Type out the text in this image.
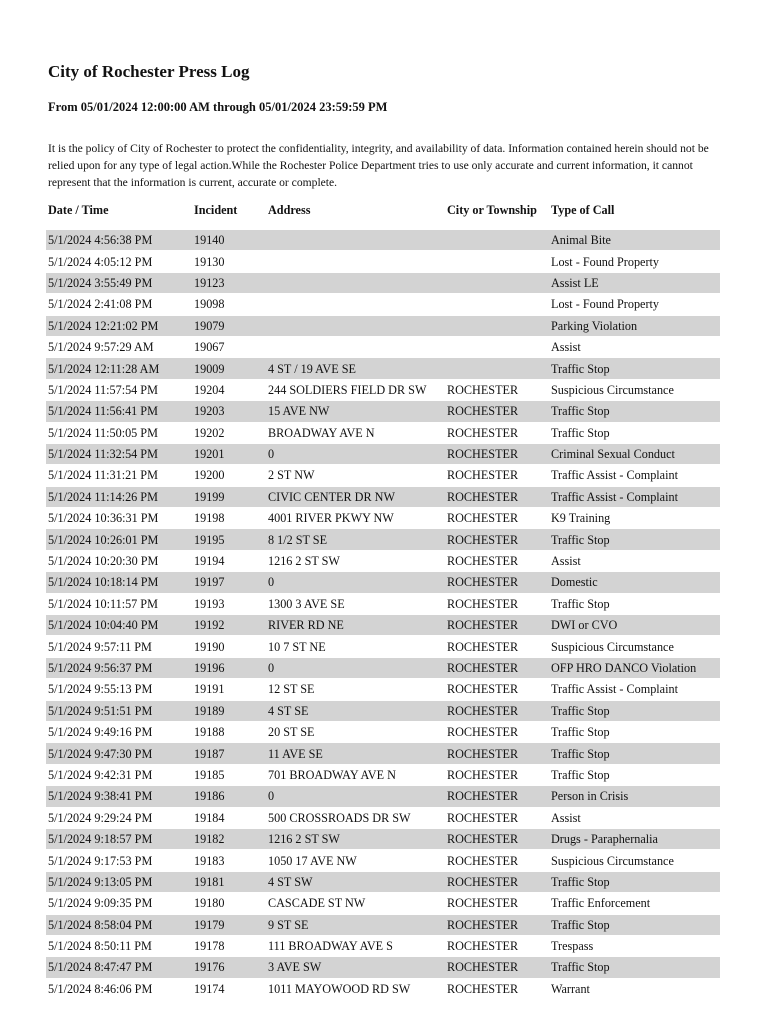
City of Rochester Press Log
From 05/01/2024 12:00:00 AM through 05/01/2024 23:59:59 PM

It is the policy of City of Rochester to protect the confidentiality, integrity, and availability of data. Information contained herein should not be relied upon for any type of legal action.While the Rochester Police Department tries to use only accurate and current information, it cannot represent that the information is current, accurate or complete.

Date / Time	Incident	Address	City or Township	Type of Call
5/1/2024 4:56:38 PM	19140			Animal Bite
5/1/2024 4:05:12 PM	19130			Lost - Found Property
5/1/2024 3:55:49 PM	19123			Assist LE
5/1/2024 2:41:08 PM	19098			Lost - Found Property
5/1/2024 12:21:02 PM	19079			Parking Violation
5/1/2024 9:57:29 AM	19067			Assist
5/1/2024 12:11:28 AM	19009	4 ST / 19 AVE SE		Traffic Stop
5/1/2024 11:57:54 PM	19204	244 SOLDIERS FIELD DR SW	ROCHESTER	Suspicious Circumstance
5/1/2024 11:56:41 PM	19203	15 AVE NW	ROCHESTER	Traffic Stop
5/1/2024 11:50:05 PM	19202	BROADWAY AVE N	ROCHESTER	Traffic Stop
5/1/2024 11:32:54 PM	19201	0	ROCHESTER	Criminal Sexual Conduct
5/1/2024 11:31:21 PM	19200	2 ST NW	ROCHESTER	Traffic Assist - Complaint
5/1/2024 11:14:26 PM	19199	CIVIC CENTER DR NW	ROCHESTER	Traffic Assist - Complaint
5/1/2024 10:36:31 PM	19198	4001 RIVER PKWY NW	ROCHESTER	K9 Training
5/1/2024 10:26:01 PM	19195	8 1/2 ST SE	ROCHESTER	Traffic Stop
5/1/2024 10:20:30 PM	19194	1216 2 ST SW	ROCHESTER	Assist
5/1/2024 10:18:14 PM	19197	0	ROCHESTER	Domestic
5/1/2024 10:11:57 PM	19193	1300 3 AVE SE	ROCHESTER	Traffic Stop
5/1/2024 10:04:40 PM	19192	RIVER RD NE	ROCHESTER	DWI or CVO
5/1/2024 9:57:11 PM	19190	10 7 ST NE	ROCHESTER	Suspicious Circumstance
5/1/2024 9:56:37 PM	19196	0	ROCHESTER	OFP HRO DANCO Violation
5/1/2024 9:55:13 PM	19191	12 ST SE	ROCHESTER	Traffic Assist - Complaint
5/1/2024 9:51:51 PM	19189	4 ST SE	ROCHESTER	Traffic Stop
5/1/2024 9:49:16 PM	19188	20 ST SE	ROCHESTER	Traffic Stop
5/1/2024 9:47:30 PM	19187	11 AVE SE	ROCHESTER	Traffic Stop
5/1/2024 9:42:31 PM	19185	701 BROADWAY AVE N	ROCHESTER	Traffic Stop
5/1/2024 9:38:41 PM	19186	0	ROCHESTER	Person in Crisis
5/1/2024 9:29:24 PM	19184	500 CROSSROADS DR SW	ROCHESTER	Assist
5/1/2024 9:18:57 PM	19182	1216 2 ST SW	ROCHESTER	Drugs - Paraphernalia
5/1/2024 9:17:53 PM	19183	1050 17 AVE NW	ROCHESTER	Suspicious Circumstance
5/1/2024 9:13:05 PM	19181	4 ST SW	ROCHESTER	Traffic Stop
5/1/2024 9:09:35 PM	19180	CASCADE ST NW	ROCHESTER	Traffic Enforcement
5/1/2024 8:58:04 PM	19179	9 ST SE	ROCHESTER	Traffic Stop
5/1/2024 8:50:11 PM	19178	111 BROADWAY AVE S	ROCHESTER	Trespass
5/1/2024 8:47:47 PM	19176	3 AVE SW	ROCHESTER	Traffic Stop
5/1/2024 8:46:06 PM	19174	1011 MAYOWOOD RD SW	ROCHESTER	Warrant
